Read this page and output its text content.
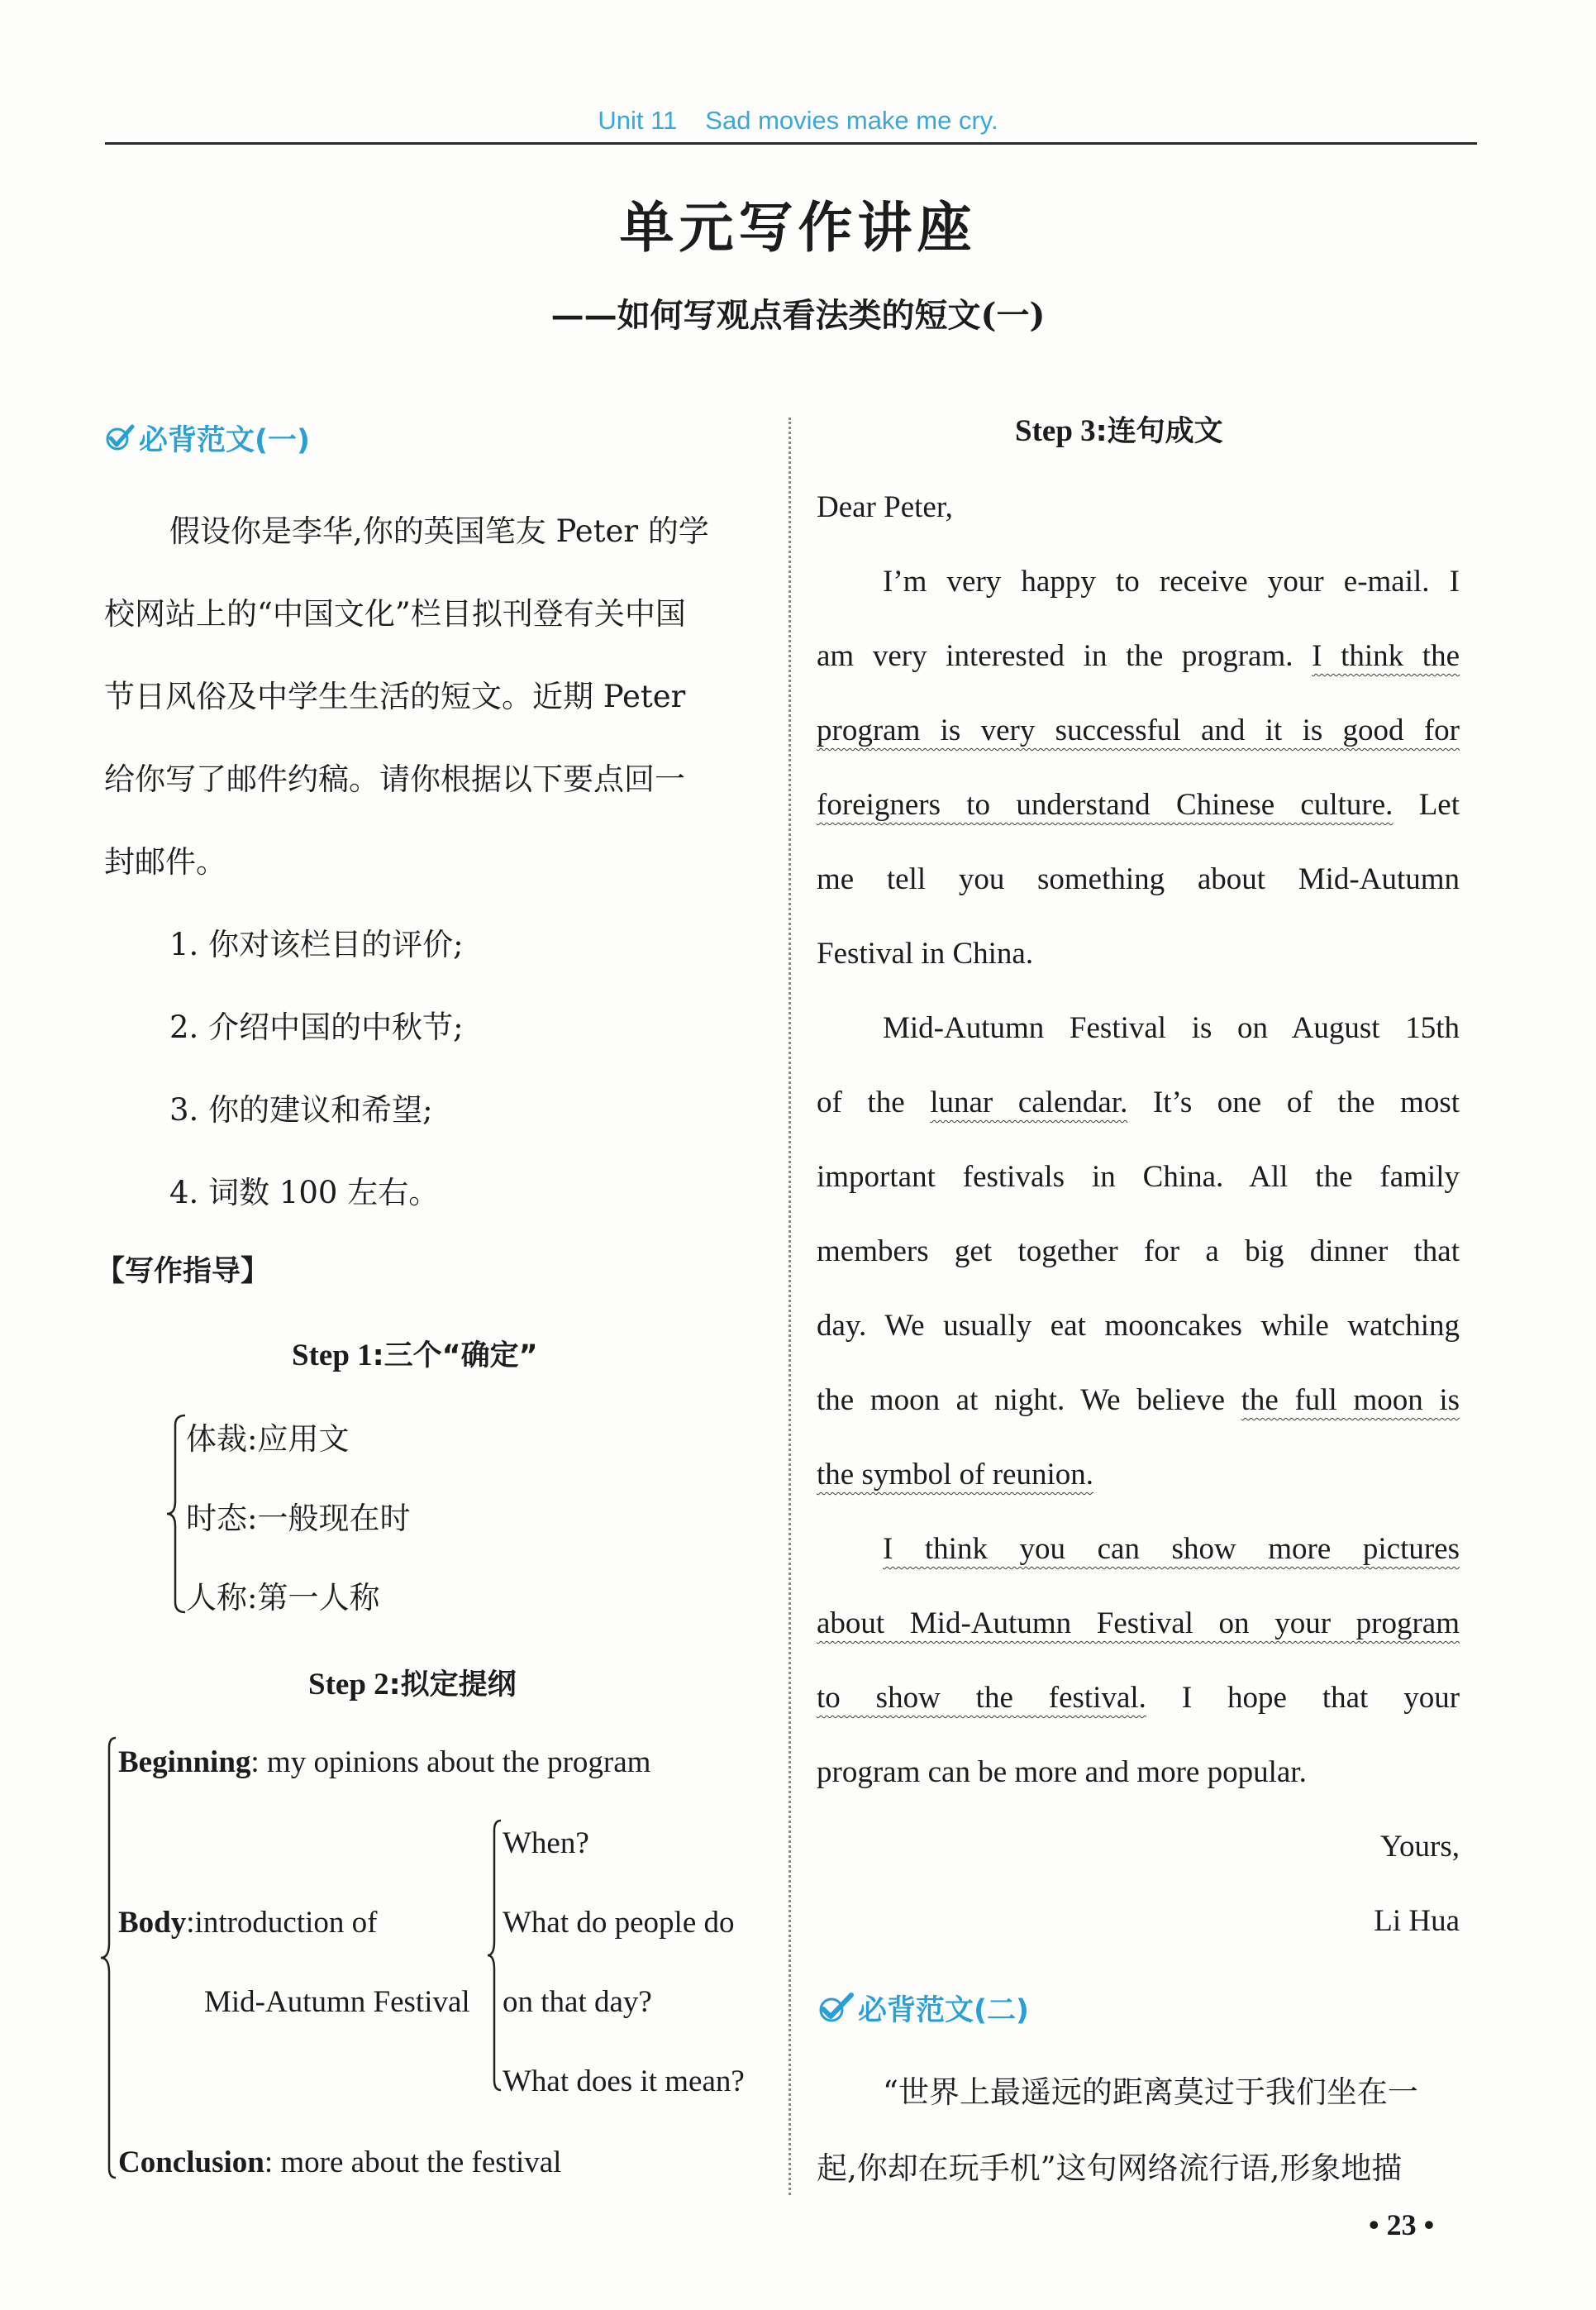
Unit 11 Sad movies make me cry.
单元写作讲座
——如何写观点看法类的短文(一)
必背范文(一)
假设你是李华,你的英国笔友 Peter 的学
校网站上的“中国文化”栏目拟刊登有关中国
节日风俗及中学生生活的短文。近期 Peter
给你写了邮件约稿。请你根据以下要点回一
封邮件。
1. 你对该栏目的评价;
2. 介绍中国的中秋节;
3. 你的建议和希望;
4. 词数 100 左右。
【写作指导】
Step 1:三个“确定”
体裁:应用文
时态:一般现在时
人称:第一人称
Step 2:拟定提纲
Beginning: my opinions about the program
Body:introduction of
Mid-Autumn Festival
When?
What do people do
on that day?
What does it mean?
Conclusion: more about the festival
Step 3:连句成文
Dear Peter,
I’m very happy to receive your e-mail. I
am very interested in the program. I think the
program is very successful and it is good for
foreigners to understand Chinese culture. Let
me tell you something about Mid-Autumn
Festival in China.
Mid-Autumn Festival is on August 15th
of the lunar calendar. It’s one of the most
important festivals in China. All the family
members get together for a big dinner that
day. We usually eat mooncakes while watching
the moon at night. We believe the full moon is
the symbol of reunion.
I think you can show more pictures
about Mid-Autumn Festival on your program
to show the festival. I hope that your
program can be more and more popular.
Yours,
Li Hua
必背范文(二)
“世界上最遥远的距离莫过于我们坐在一
起,你却在玩手机”这句网络流行语,形象地描
• 23 •
